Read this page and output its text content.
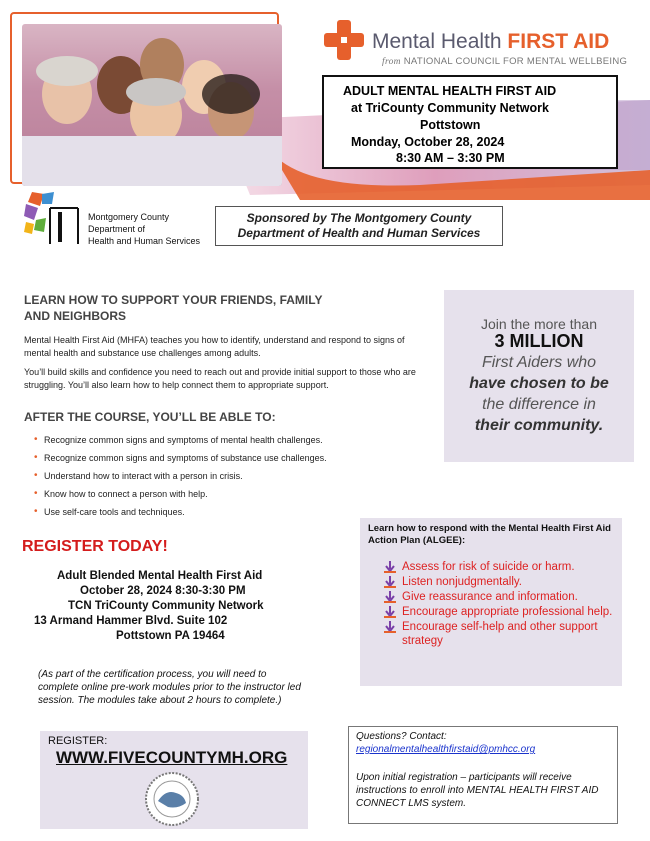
Mental Health FIRST AID
from NATIONAL COUNCIL FOR MENTAL WELLBEING
ADULT MENTAL HEALTH FIRST AID
at TriCounty Community Network
Pottstown
Monday, October 28, 2024
8:30 AM – 3:30 PM
Montgomery County
Department of
Health and Human Services
Sponsored by The Montgomery County
Department of Health and Human Services
LEARN HOW TO SUPPORT YOUR FRIENDS, FAMILY
AND NEIGHBORS
Mental Health First Aid (MHFA) teaches you how to identify, understand and respond to signs of mental health and substance use challenges among adults.
You’ll build skills and confidence you need to reach out and provide initial support to those who are struggling. You’ll also learn how to help connect them to appropriate support.
AFTER THE COURSE, YOU’LL BE ABLE TO:
• Recognize common signs and symptoms of mental health challenges.
• Recognize common signs and symptoms of substance use challenges.
• Understand how to interact with a person in crisis.
• Know how to connect a person with help.
• Use self-care tools and techniques.
Join the more than
3 MILLION
First Aiders who
have chosen to be
the difference in
their community.
Learn how to respond with the Mental Health First Aid Action Plan (ALGEE):
Assess for risk of suicide or harm.
Listen nonjudgmentally.
Give reassurance and information.
Encourage appropriate professional help.
Encourage self-help and other support strategy
REGISTER TODAY!
Adult Blended Mental Health First Aid
October 28, 2024 8:30-3:30 PM
TCN TriCounty Community Network
13 Armand Hammer Blvd. Suite 102
Pottstown PA 19464
(As part of the certification process, you will need to complete online pre-work modules prior to the instructor led session. The modules take about 2 hours to complete.)
REGISTER:
WWW.FIVECOUNTYMH.ORG
Questions? Contact:
regionalmentalhealthfirstaid@pmhcc.org
Upon initial registration – participants will receive instructions to enroll into MENTAL HEALTH FIRST AID CONNECT LMS system.
